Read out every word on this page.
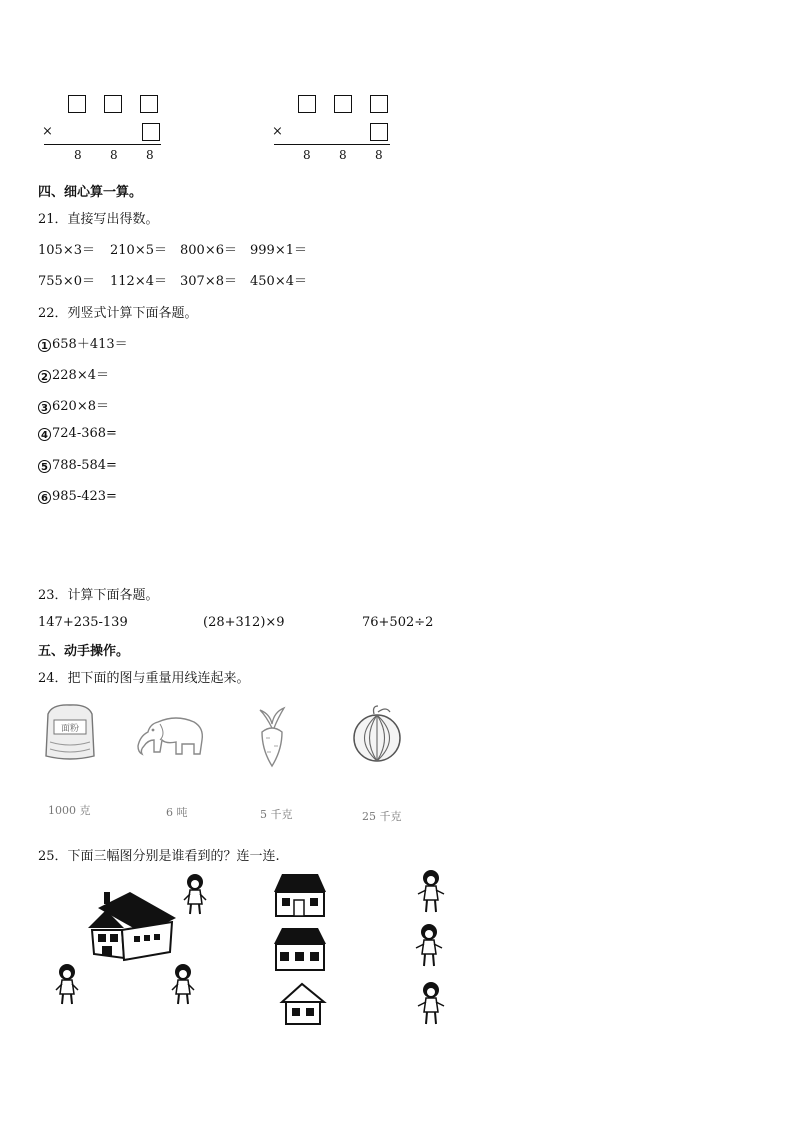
×
8 8 8
×
8 8 8
四、细心算一算。
21．直接写出得数。
105×3＝ 210×5＝ 800×6＝ 999×1＝
755×0＝ 112×4＝ 307×8＝ 450×4＝
22．列竖式计算下面各题。
1 658＋413＝
2 228×4＝
3 620×8＝
4 724-368=
5 788-584=
6 985-423=
23．计算下面各题。
147+235-139	(28+312)×9	76+502÷2
五、动手操作。
24．把下面的图与重量用线连起来。
面粉
1000 克	6 吨	5 千克	25 千克
25．下面三幅图分别是谁看到的？连一连.
